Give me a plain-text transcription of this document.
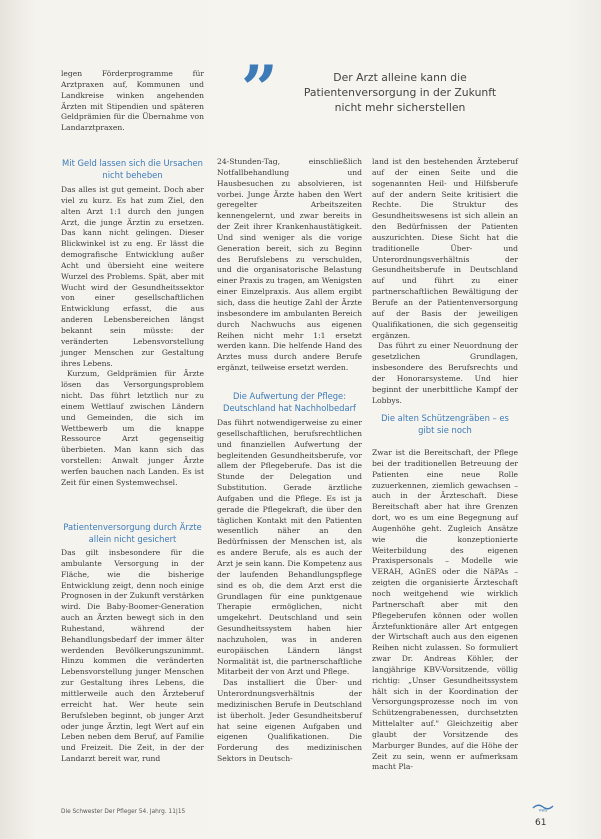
legen Förderprogramme für Arztpraxen auf, Kommunen und Landkreise winken angehenden Ärzten mit Stipendien und späteren Geldprämien für die Übernahme von Landarztpraxen.

Mit Geld lassen sich die Ursachen nicht beheben

Das alles ist gut gemeint. Doch aber viel zu kurz. Es hat zum Ziel, den alten Arzt 1:1 durch den jungen Arzt, die junge Ärztin zu ersetzen. Das kann nicht gelingen. Dieser Blickwinkel ist zu eng. Er lässt die demografische Entwicklung außer Acht und übersieht eine weitere Wurzel des Problems. Spät, aber mit Wucht wird der Gesundheitssektor von einer gesellschaftlichen Entwicklung erfasst, die aus anderen Lebensbereichen längst bekannt sein müsste: der veränderten Lebensvorstellung junger Menschen zur Gestaltung ihres Lebens.

Kurzum, Geldprämien für Ärzte lösen das Versorgungsproblem nicht. Das führt letztlich nur zu einem Wettlauf zwischen Ländern und Gemeinden, die sich im Wettbewerb um die knappe Ressource Arzt gegenseitig überbieten. Man kann sich das vorstellen: Anwalt junger Ärzte werfen bauchen nach Landen. Es ist Zeit für einen Systemwechsel.

Patientenversorgung durch Ärzte allein nicht gesichert

Das gilt insbesondere für die ambulante Versorgung in der Fläche, wie die bisherige Entwicklung zeigt, denn noch einige Prognosen in der Zukunft verstärken wird. Die Baby-Boomer-Generation auch an Ärzten bewegt sich in den Ruhestand, während der Behandlungsbedarf der immer älter werdenden Bevölkerungszunimmt. Hinzu kommen die veränderten Lebensvorstellung junger Menschen zur Gestaltung ihres Lebens, die mittlerweile auch den Ärzteberuf erreicht hat. Wer heute sein Berufsleben beginnt, ob junger Arzt oder junge Ärztin, legt Wert auf ein Leben neben dem Beruf, auf Familie und Freizeit. Die Zeit, in der der Landarzt bereit war, rund

”	Der Arzt alleine kann die Patientenversorgung in der Zukunft nicht mehr sicherstellen

24-Stunden-Tag, einschließlich Notfallbehandlung und Hausbesuchen zu absolvieren, ist vorbei. Junge Ärzte haben den Wert geregelter Arbeitszeiten kennengelernt, und zwar bereits in der Zeit ihrer Krankenhaustätigkeit. Und sind weniger als die vorige Generation bereit, sich zu Beginn des Berufslebens zu verschulden, und die organisatorische Belastung einer Praxis zu tragen, am Wenigsten einer Einzelpraxis. Aus allem ergibt sich, dass die heutige Zahl der Ärzte insbesondere im ambulanten Bereich durch Nachwuchs aus eigenen Reihen nicht mehr 1:1 ersetzt werden kann. Die helfende Hand des Arztes muss durch andere Berufe ergänzt, teilweise ersetzt werden.

Die Aufwertung der Pflege: Deutschland hat Nachholbedarf

Das führt notwendigerweise zu einer gesellschaftlichen, berufsrechtlichen und finanziellen Aufwertung der begleitenden Gesundheitsberufe, vor allem der Pflegeberufe. Das ist die Stunde der Delegation und Substitution. Gerade ärztliche Aufgaben und die Pflege. Es ist ja gerade die Pflegekraft, die über den täglichen Kontakt mit den Patienten wesentlich näher an den Bedürfnissen der Menschen ist, als es andere Berufe, als es auch der Arzt je sein kann. Die Kompetenz aus der laufenden Behandlungspflege sind es ob, die dem Arzt erst die Grundlagen für eine punktgenaue Therapie ermöglichen, nicht umgekehrt. Deutschland und sein Gesundheitssystem haben hier nachzuholen, was in anderen europäischen Ländern längst Normalität ist, die partnerschaftliche Mitarbeit der von Arzt und Pflege.

Das installiert die Über- und Unterordnungsverhältnis der medizinischen Berufe in Deutschland ist überholt. Jeder Gesundheitsberuf hat seine eigenen Aufgaben und eigenen Qualifikationen. Die Forderung des medizinischen Sektors in Deutsch-

land ist den bestehenden Ärzteberuf auf der einen Seite und die sogenannten Heil- und Hilfsberufe auf der andern Seite kritisiert die Rechte. Die Struktur des Gesundheitswesens ist sich allein an den Bedürfnissen der Patienten auszurichten. Diese Sicht hat die traditionelle Über- und Unterordnungsverhältnis der Gesundheitsberufe in Deutschland auf und führt zu einer partnerschaftlichen Bewältigung der Berufe an der Patientenversorgung auf der Basis der jeweiligen Qualifikationen, die sich gegenseitig ergänzen.

Das führt zu einer Neuordnung der gesetzlichen Grundlagen, insbesondere des Berufsrechts und der Honorarsysteme. Und hier beginnt der unerbittliche Kampf der Lobbys.

Die alten Schützengräben – es gibt sie noch

Zwar ist die Bereitschaft, der Pflege bei der traditionellen Betreuung der Patienten eine neue Rolle zuzuerkennen, ziemlich gewachsen – auch in der Ärzteschaft. Diese Bereitschaft aber hat ihre Grenzen dort, wo es um eine Begegnung auf Augenhöhe geht. Zugleich Ansätze wie die konzeptionierte Weiterbildung des eigenen Praxispersonals – Modelle wie VERAH, AGnES oder die NäPAs – zeigten die organisierte Ärzteschaft noch weitgehend wie wirklich Partnerschaft aber mit den Pflegeberufen können oder wollen Ärztefunktionäre aller Art entgegen der Wirtschaft auch aus den eigenen Reihen nicht zulassen. So formuliert zwar Dr. Andreas Köhler, der langjährige KBV-Vorsitzende, völlig richtig: „Unser Gesundheitssystem hält sich in der Koordination der Versorgungsprozesse noch im von Schützengrabenessen, durchsetzten Mittelalter auf." Gleichzeitig aber glaubt der Vorsitzende des Marburger Bundes, auf die Höhe der Zeit zu sein, wenn er aufmerksam macht Pla-

Die Schwester Der Pfleger 54. Jahrg. 11|15	vws
61
